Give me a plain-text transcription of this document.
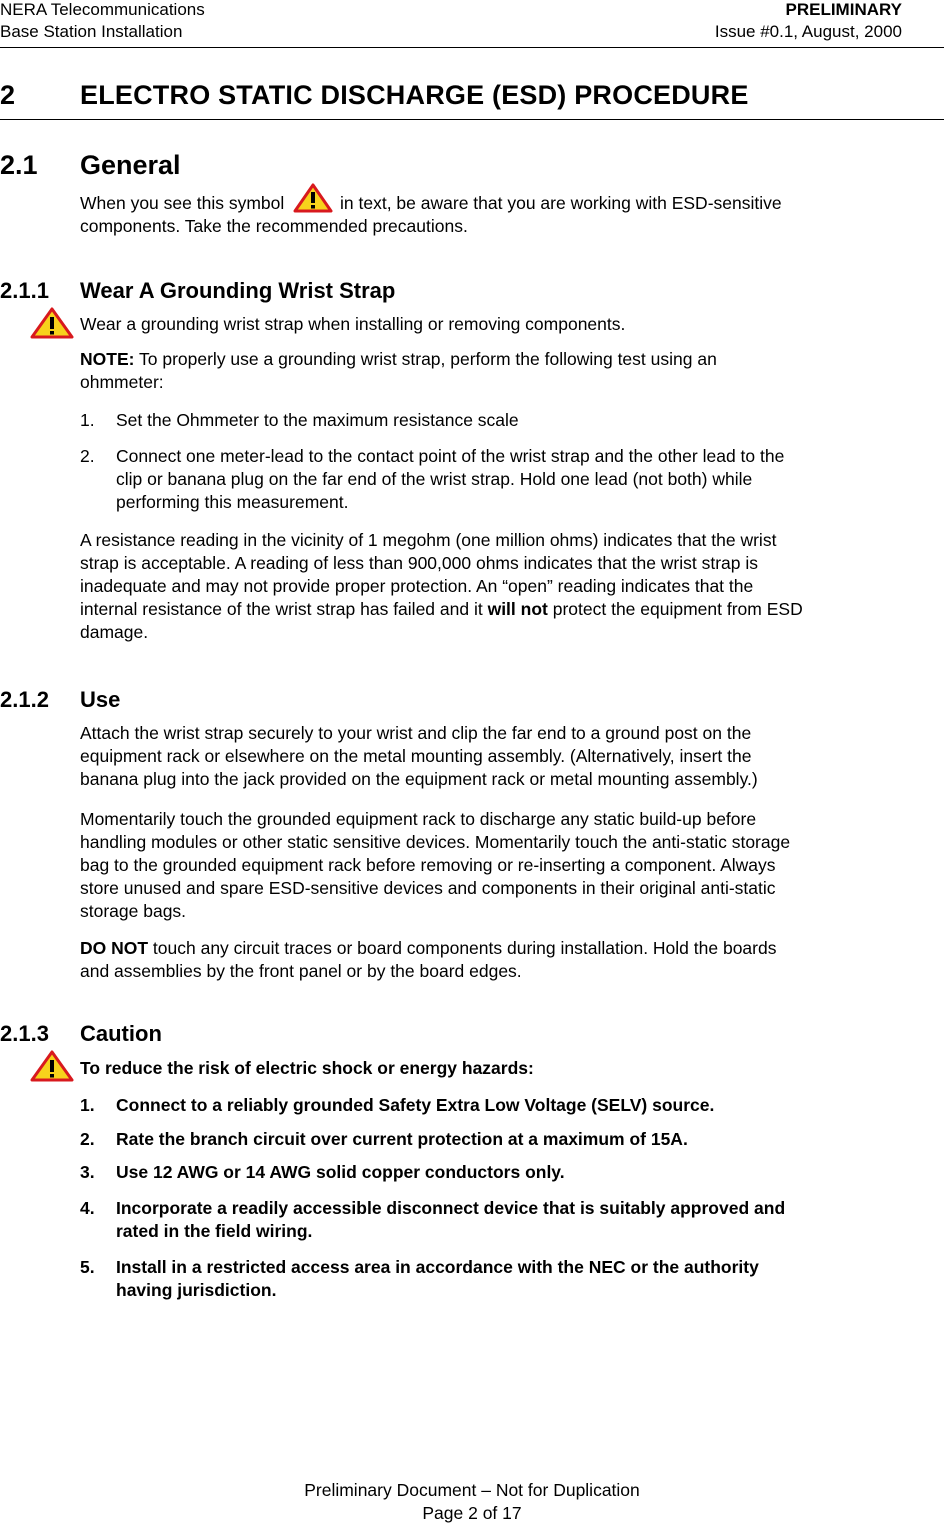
NERA Telecommunications
Base Station Installation
PRELIMINARY
Issue #0.1, August, 2000
2 ELECTRO STATIC DISCHARGE (ESD) PROCEDURE
2.1 General
When you see this symbol	in text, be aware that you are working with ESD-sensitive
components. Take the recommended precautions.
2.1.1 Wear A Grounding Wrist Strap
Wear a grounding wrist strap when installing or removing components.
NOTE: To properly use a grounding wrist strap, perform the following test using an
ohmmeter:
1.	Set the Ohmmeter to the maximum resistance scale
2.	Connect one meter-lead to the contact point of the wrist strap and the other lead to the
clip or banana plug on the far end of the wrist strap. Hold one lead (not both) while
performing this measurement.
A resistance reading in the vicinity of 1 megohm (one million ohms) indicates that the wrist
strap is acceptable. A reading of less than 900,000 ohms indicates that the wrist strap is
inadequate and may not provide proper protection. An “open” reading indicates that the
internal resistance of the wrist strap has failed and it will not protect the equipment from ESD
damage.
2.1.2 Use
Attach the wrist strap securely to your wrist and clip the far end to a ground post on the
equipment rack or elsewhere on the metal mounting assembly. (Alternatively, insert the
banana plug into the jack provided on the equipment rack or metal mounting assembly.)
Momentarily touch the grounded equipment rack to discharge any static build-up before
handling modules or other static sensitive devices. Momentarily touch the anti-static storage
bag to the grounded equipment rack before removing or re-inserting a component. Always
store unused and spare ESD-sensitive devices and components in their original anti-static
storage bags.
DO NOT touch any circuit traces or board components during installation. Hold the boards
and assemblies by the front panel or by the board edges.
2.1.3 Caution
To reduce the risk of electric shock or energy hazards:
1.	Connect to a reliably grounded Safety Extra Low Voltage (SELV) source.
2.	Rate the branch circuit over current protection at a maximum of 15A.
3.	Use 12 AWG or 14 AWG solid copper conductors only.
4.	Incorporate a readily accessible disconnect device that is suitably approved and
rated in the field wiring.
5.	Install in a restricted access area in accordance with the NEC or the authority
having jurisdiction.
Preliminary Document – Not for Duplication
Page 2 of 17
